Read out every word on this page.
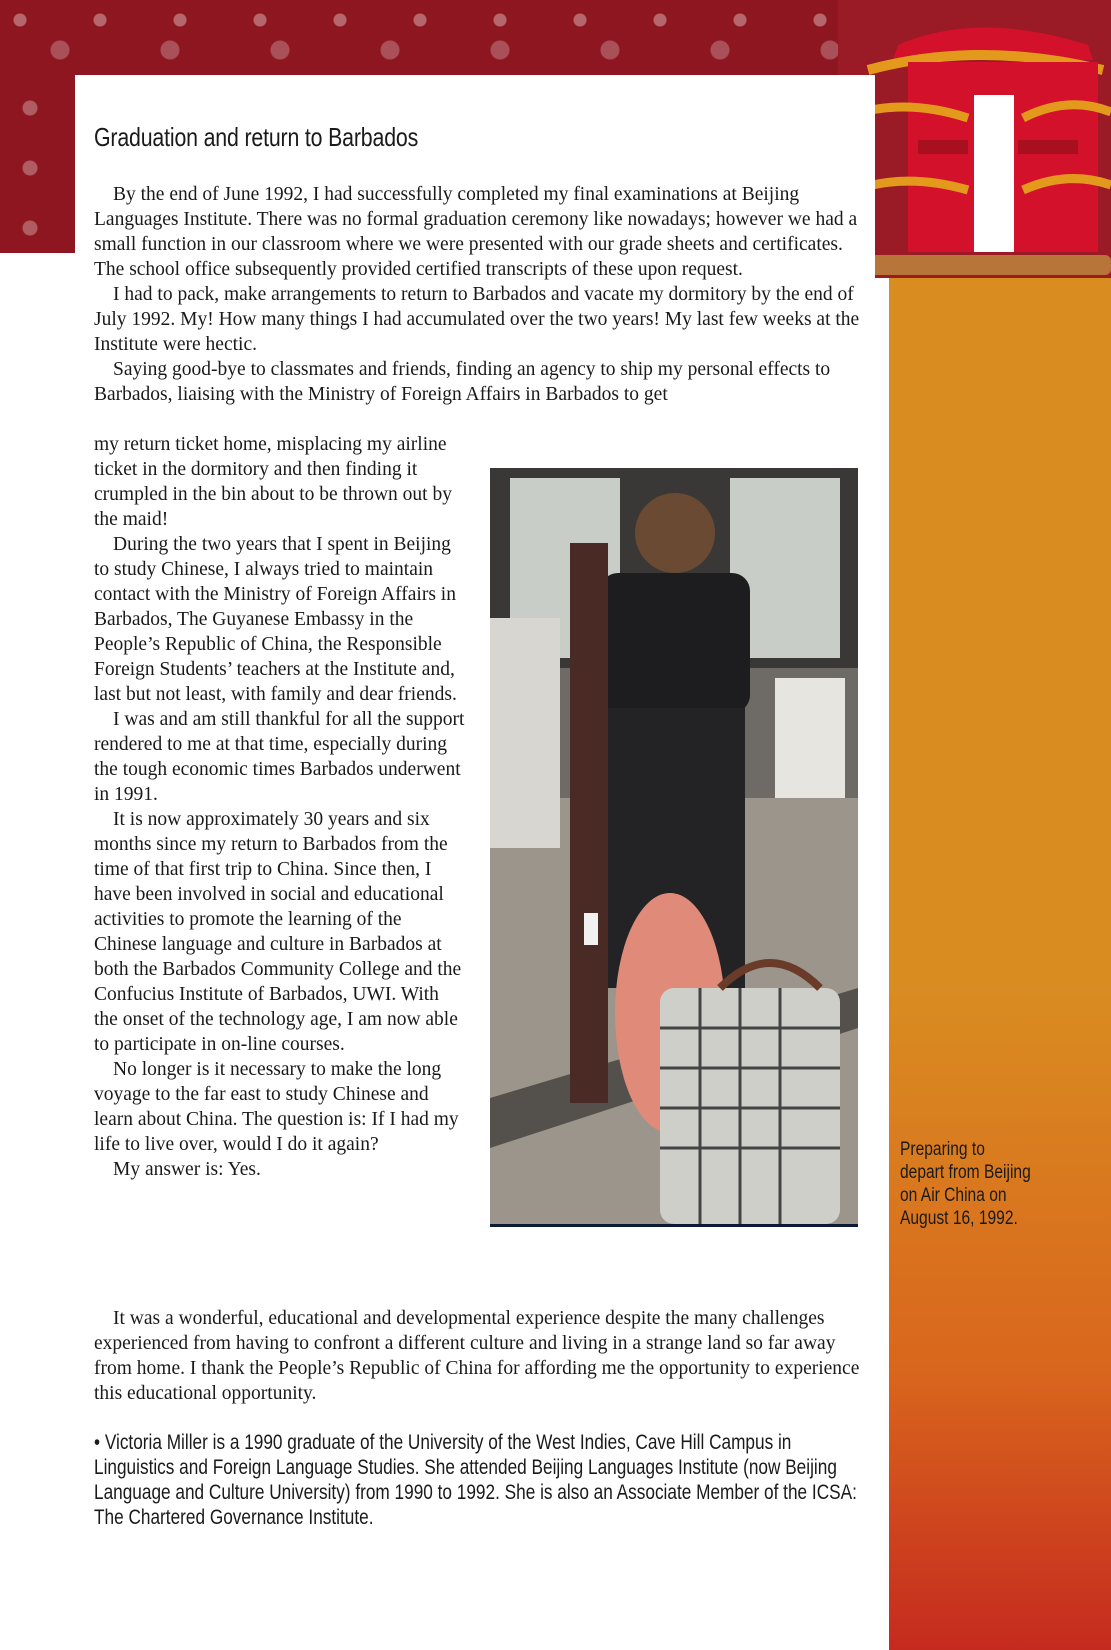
Graduation and return to Barbados

By the end of June 1992, I had successfully completed my final examinations at Beijing Languages Institute. There was no formal graduation ceremony like nowadays; however we had a small function in our classroom where we were presented with our grade sheets and certificates. The school office subsequently provided certified transcripts of these upon request.

I had to pack, make arrangements to return to Barbados and vacate my dormitory by the end of July 1992. My! How many things I had accumulated over the two years! My last few weeks at the Institute were hectic.

Saying good-bye to classmates and friends, finding an agency to ship my personal effects to Barbados, liaising with the Ministry of Foreign Affairs in Barbados to get

my return ticket home, misplacing my airline ticket in the dormitory and then finding it crumpled in the bin about to be thrown out by the maid!

During the two years that I spent in Beijing to study Chinese, I always tried to maintain contact with the Ministry of Foreign Affairs in Barbados, The Guyanese Embassy in the People’s Republic of China, the Responsible Foreign Students’ teachers at the Institute and, last but not least, with family and dear friends.

I was and am still thankful for all the support rendered to me at that time, especially during the tough economic times Barbados underwent in 1991.

It is now approximately 30 years and six months since my return to Barbados from the time of that first trip to China. Since then, I have been involved in social and educational activities to promote the learning of the Chinese language and culture in Barbados at both the Barbados Community College and the Confucius Institute of Barbados, UWI. With the onset of the technology age, I am now able to participate in on-line courses.

No longer is it necessary to make the long voyage to the far east to study Chinese and learn about China. The question is: If I had my life to live over, would I do it again?

My answer is: Yes.

Preparing to depart from Beijing on Air China on August 16, 1992.

It was a wonderful, educational and developmental experience despite the many challenges experienced from having to confront a different culture and living in a strange land so far away from home. I thank the People’s Republic of China for affording me the opportunity to experience this educational opportunity.

• Victoria Miller is a 1990 graduate of the University of the West Indies, Cave Hill Campus in Linguistics and Foreign Language Studies. She attended Beijing Languages Institute (now Beijing Language and Culture University) from 1990 to 1992. She is also an Associate Member of the ICSA: The Chartered Governance Institute.
